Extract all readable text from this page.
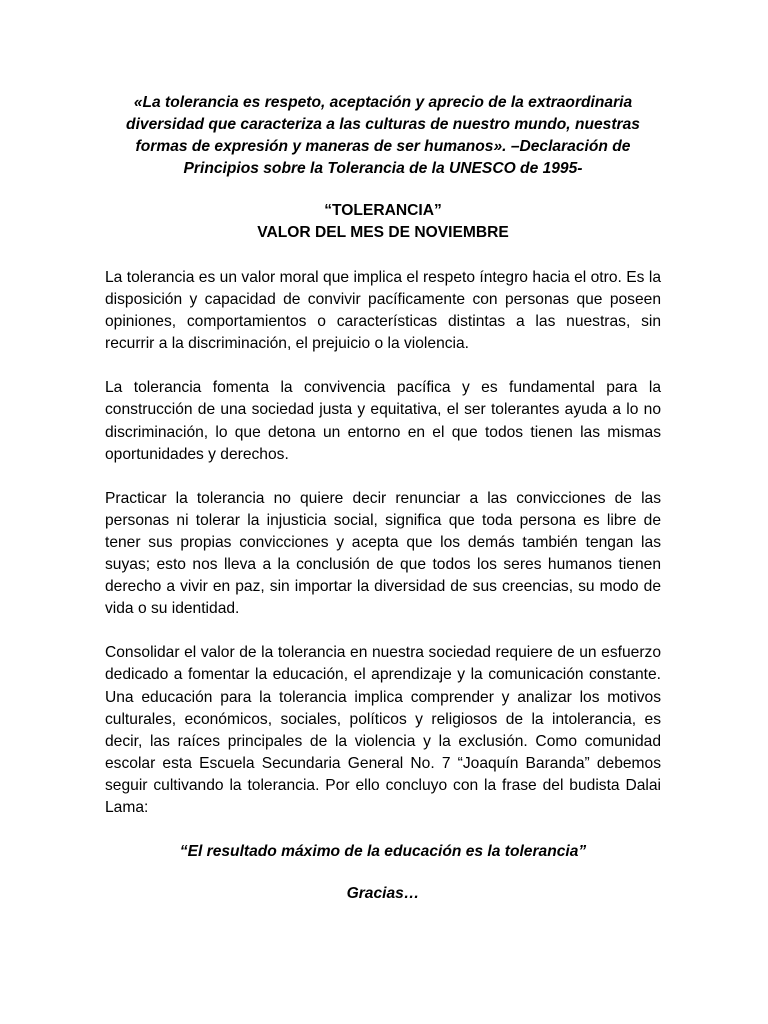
«La tolerancia es respeto, aceptación y aprecio de la extraordinaria diversidad que caracteriza a las culturas de nuestro mundo, nuestras formas de expresión y maneras de ser humanos». –Declaración de Principios sobre la Tolerancia de la UNESCO de 1995-

“TOLERANCIA”
VALOR DEL MES DE NOVIEMBRE

La tolerancia es un valor moral que implica el respeto íntegro hacia el otro. Es la disposición y capacidad de convivir pacíficamente con personas que poseen opiniones, comportamientos o características distintas a las nuestras, sin recurrir a la discriminación, el prejuicio o la violencia.

La tolerancia fomenta la convivencia pacífica y es fundamental para la construcción de una sociedad justa y equitativa, el ser tolerantes ayuda a lo no discriminación, lo que detona un entorno en el que todos tienen las mismas oportunidades y derechos.

Practicar la tolerancia no quiere decir renunciar a las convicciones de las personas ni tolerar la injusticia social, significa que toda persona es libre de tener sus propias convicciones y acepta que los demás también tengan las suyas; esto nos lleva a la conclusión de que todos los seres humanos tienen derecho a vivir en paz, sin importar la diversidad de sus creencias, su modo de vida o su identidad.

Consolidar el valor de la tolerancia en nuestra sociedad requiere de un esfuerzo dedicado a fomentar la educación, el aprendizaje y la comunicación constante. Una educación para la tolerancia implica comprender y analizar los motivos culturales, económicos, sociales, políticos y religiosos de la intolerancia, es decir, las raíces principales de la violencia y la exclusión. Como comunidad escolar esta Escuela Secundaria General No. 7 “Joaquín Baranda” debemos seguir cultivando la tolerancia. Por ello concluyo con la frase del budista Dalai Lama:

“El resultado máximo de la educación es la tolerancia”

Gracias…
